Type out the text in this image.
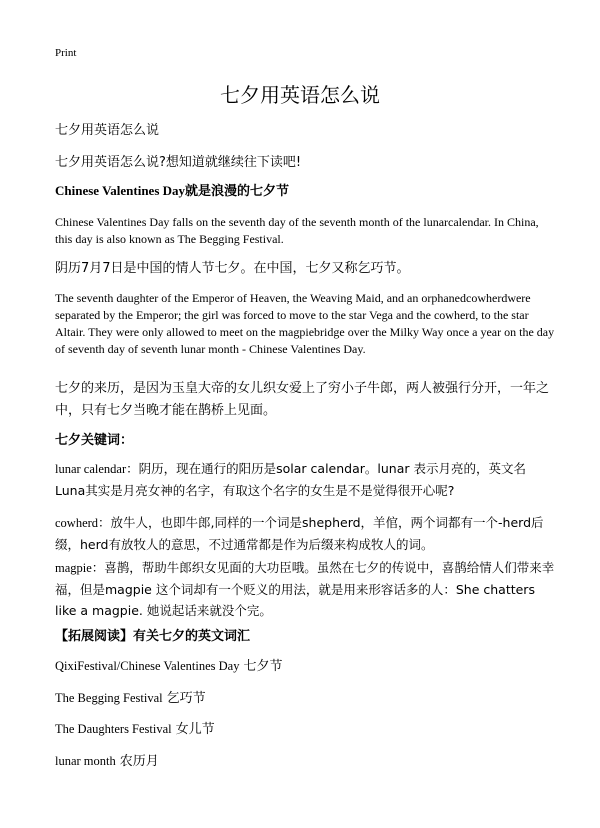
Print
七夕用英语怎么说

七夕用英语怎么说

七夕用英语怎么说?想知道就继续往下读吧!

Chinese Valentines Day就是浪漫的七夕节

Chinese Valentines Day falls on the seventh day of the seventh month of the lunarcalendar. In China, this day is also known as The Begging Festival.

阴历7月7日是中国的情人节七夕。在中国，七夕又称乞巧节。

The seventh daughter of the Emperor of Heaven, the Weaving Maid, and an orphanedcowherdwere separated by the Emperor; the girl was forced to move to the star Vega and the cowherd, to the star Altair. They were only allowed to meet on the magpiebridge over the Milky Way once a year on the day of seventh day of seventh lunar month - Chinese Valentines Day.

七夕的来历，是因为玉皇大帝的女儿织女爱上了穷小子牛郎，两人被强行分开，一年之中，只有七夕当晚才能在鹊桥上见面。

七夕关键词：

lunar calendar：阴历，现在通行的阳历是solar calendar。lunar 表示月亮的，英文名Luna其实是月亮女神的名字，有取这个名字的女生是不是觉得很开心呢?

cowherd：放牛人，也即牛郎,同样的一个词是shepherd，羊倌，两个词都有一个-herd后缀，herd有放牧人的意思，不过通常都是作为后缀来构成牧人的词。

magpie：喜鹊，帮助牛郎织女见面的大功臣哦。虽然在七夕的传说中，喜鹊给情人们带来幸福，但是magpie 这个词却有一个贬义的用法，就是用来形容话多的人：She chatters like a magpie. 她说起话来就没个完。

【拓展阅读】有关七夕的英文词汇

QixiFestival/Chinese Valentines Day 七夕节

The Begging Festival 乞巧节

The Daughters Festival 女儿节

lunar month 农历月
